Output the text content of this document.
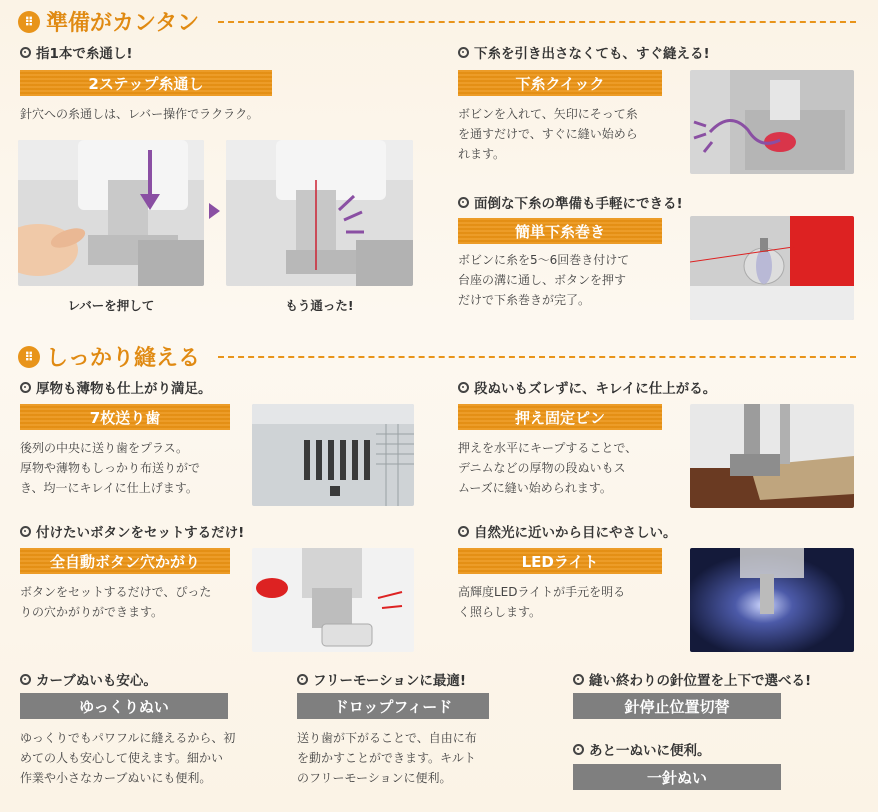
⠿ 準備がカンタン
指1本で糸通し!
2ステップ糸通し
針穴への糸通しは、レバー操作でラクラク。
レバーを押して	もう通った!
下糸を引き出さなくても、すぐ縫える!
下糸クイック
ボビンを入れて、矢印にそって糸
を通すだけで、すぐに縫い始めら
れます。
面倒な下糸の準備も手軽にできる!
簡単下糸巻き
ボビンに糸を5～6回巻き付けて
台座の溝に通し、ボタンを押す
だけで下糸巻きが完了。
⠿ しっかり縫える
厚物も薄物も仕上がり満足。
7枚送り歯
後列の中央に送り歯をプラス。
厚物や薄物もしっかり布送りがで
き、均一にキレイに仕上げます。
段ぬいもズレずに、キレイに仕上がる。
押え固定ピン
押えを水平にキープすることで、
デニムなどの厚物の段ぬいもス
ムーズに縫い始められます。
付けたいボタンをセットするだけ!
全自動ボタン穴かがり
ボタンをセットするだけで、ぴった
りの穴かがりができます。
自然光に近いから目にやさしい。
LEDライト
高輝度LEDライトが手元を明る
く照らします。
カーブぬいも安心。
ゆっくりぬい
ゆっくりでもパワフルに縫えるから、初
めての人も安心して使えます。細かい
作業や小さなカーブぬいにも便利。
フリーモーションに最適!
ドロップフィード
送り歯が下がることで、自由に布
を動かすことができます。キルト
のフリーモーションに便利。
縫い終わりの針位置を上下で選べる!
針停止位置切替
あと一ぬいに便利。
一針ぬい
